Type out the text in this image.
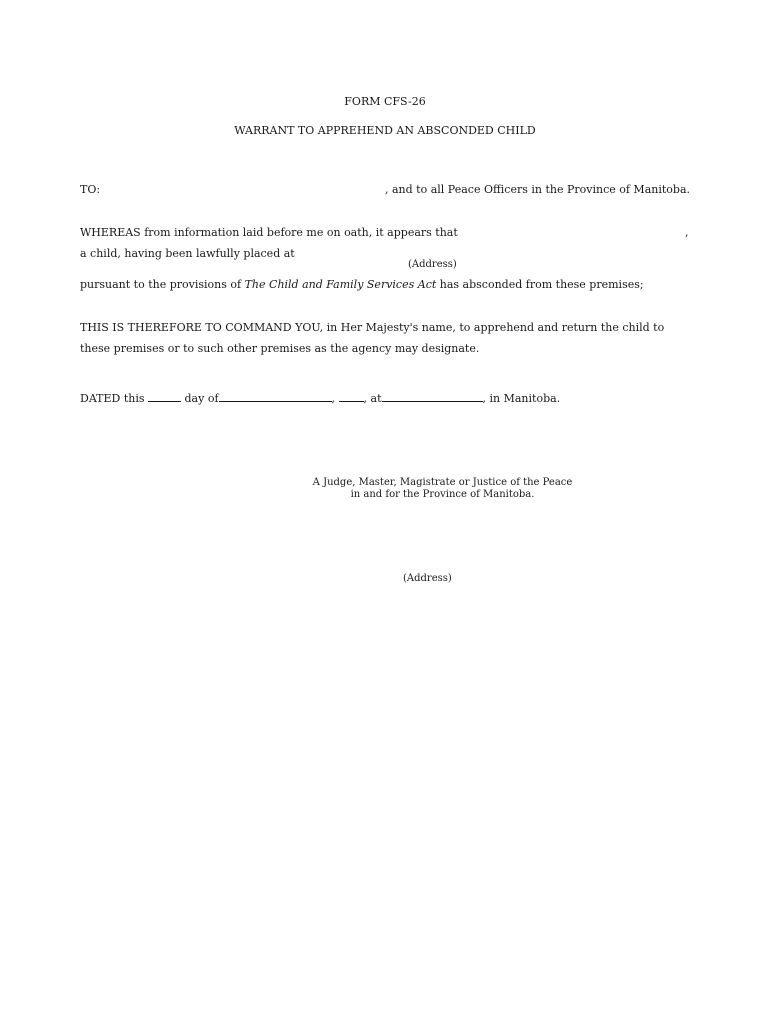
FORM CFS-26
WARRANT TO APPREHEND AN ABSCONDED CHILD
TO:	, and to all Peace Officers in the Province of Manitoba.
WHEREAS from information laid before me on oath, it appears that	,
a child, having been lawfully placed at
(Address)
pursuant to the provisions of The Child and Family Services Act has absconded from these premises;
THIS IS THEREFORE TO COMMAND YOU, in Her Majesty's name, to apprehend and return the child to
these premises or to such other premises as the agency may designate.
DATED this	day of	, , at	, in Manitoba.
A Judge, Master, Magistrate or Justice of the Peace
in and for the Province of Manitoba.
(Address)
